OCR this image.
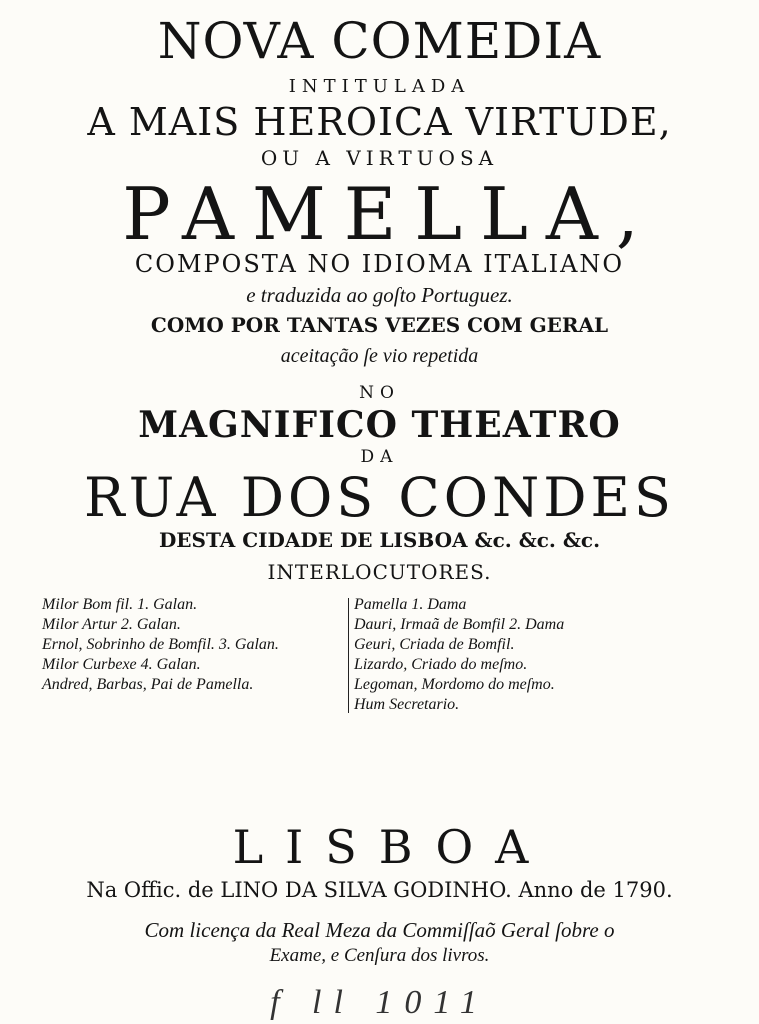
NOVA COMEDIA
INTITULADA
A MAIS HEROICA VIRTUDE,
OU A VIRTUOSA
PAMELLA,
COMPOSTA NO IDIOMA ITALIANO
e traduzida ao goſto Portuguez.
COMO POR TANTAS VEZES COM GERAL
aceitação ſe vio repetida
NO
MAGNIFICO THEATRO
DA
RUA DOS CONDES
DESTA CIDADE DE LISBOA &c. &c. &c.
INTERLOCUTORES.
Milor Bom fil. 1. Galan.
Milor Artur 2. Galan.
Ernol, Sobrinho de Bomfil. 3. Galan.
Milor Curbexe 4. Galan.
Andred, Barbas, Pai de Pamella.
Pamella 1. Dama
Dauri, Irmaã de Bomfil 2. Dama
Geuri, Criada de Bomfil.
Lizardo, Criado do meſmo.
Legoman, Mordomo do meſmo.
Hum Secretario.
LISBOA
Na Offic. de LINO DA SILVA GODINHO. Anno de 1790.
Com licença da Real Meza da Commiſſaõ Geral ſobre o
Exame, e Cenſura dos livros.
f ll 1011
